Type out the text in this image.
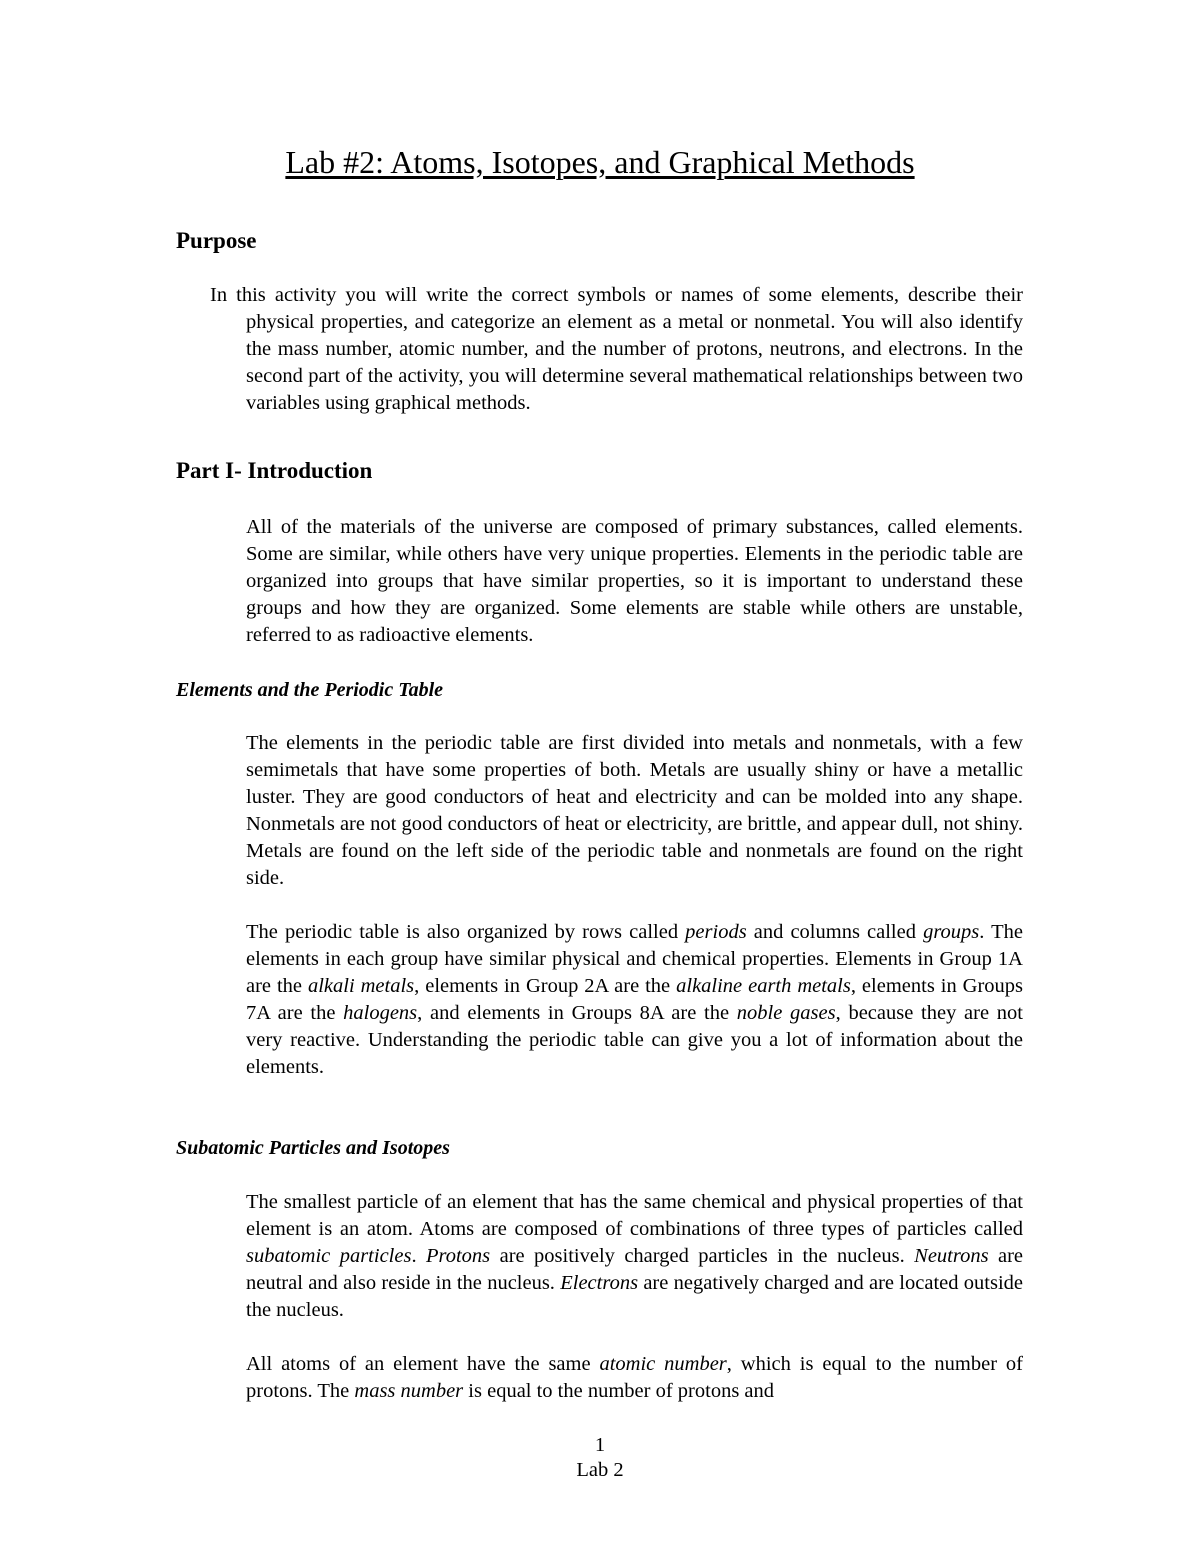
Lab #2: Atoms, Isotopes, and Graphical Methods
Purpose

In this activity you will write the correct symbols or names of some elements, describe their physical properties, and categorize an element as a metal or nonmetal. You will also identify the mass number, atomic number, and the number of protons, neutrons, and electrons. In the second part of the activity, you will determine several mathematical relationships between two variables using graphical methods.

Part I- Introduction

All of the materials of the universe are composed of primary substances, called elements. Some are similar, while others have very unique properties. Elements in the periodic table are organized into groups that have similar properties, so it is important to understand these groups and how they are organized. Some elements are stable while others are unstable, referred to as radioactive elements.

Elements and the Periodic Table

The elements in the periodic table are first divided into metals and nonmetals, with a few semimetals that have some properties of both. Metals are usually shiny or have a metallic luster. They are good conductors of heat and electricity and can be molded into any shape. Nonmetals are not good conductors of heat or electricity, are brittle, and appear dull, not shiny. Metals are found on the left side of the periodic table and nonmetals are found on the right side.

The periodic table is also organized by rows called periods and columns called groups. The elements in each group have similar physical and chemical properties. Elements in Group 1A are the alkali metals, elements in Group 2A are the alkaline earth metals, elements in Groups 7A are the halogens, and elements in Groups 8A are the noble gases, because they are not very reactive. Understanding the periodic table can give you a lot of information about the elements.

Subatomic Particles and Isotopes

The smallest particle of an element that has the same chemical and physical properties of that element is an atom. Atoms are composed of combinations of three types of particles called subatomic particles. Protons are positively charged particles in the nucleus. Neutrons are neutral and also reside in the nucleus. Electrons are negatively charged and are located outside the nucleus.

All atoms of an element have the same atomic number, which is equal to the number of protons. The mass number is equal to the number of protons and

1

Lab 2
